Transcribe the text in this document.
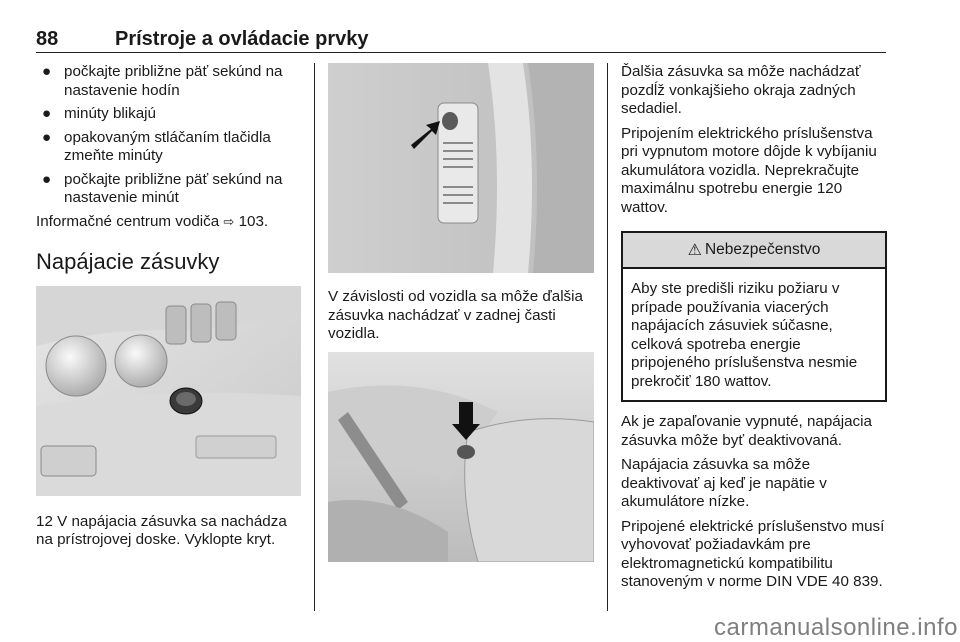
88	Prístroje a ovládacie prvky
● počkajte približne päť sekúnd na nastavenie hodín
● minúty blikajú
● opakovaným stláčaním tlačidla zmeňte minúty
● počkajte približne päť sekúnd na nastavenie minút

Informačné centrum vodiča ⇨ 103.

Napájacie zásuvky

12 V napájacia zásuvka sa nachádza na prístrojovej doske. Vyklopte kryt.

V závislosti od vozidla sa môže ďalšia zásuvka nachádzať v zadnej časti vozidla.

Ďalšia zásuvka sa môže nachádzať pozdĺž vonkajšieho okraja zadných sedadiel.

Pripojením elektrického príslušenstva pri vypnutom motore dôjde k vybíjaniu akumulátora vozidla. Neprekračujte maximálnu spotrebu energie 120 wattov.

⚠ Nebezpečenstvo
Aby ste predišli riziku požiaru v prípade používania viacerých napájacích zásuviek súčasne, celková spotreba energie pripojeného príslušenstva nesmie prekročiť 180 wattov.

Ak je zapaľovanie vypnuté, napájacia zásuvka môže byť deaktivovaná.

Napájacia zásuvka sa môže deaktivovať aj keď je napätie v akumulátore nízke.

Pripojené elektrické príslušenstvo musí vyhovovať požiadavkám pre elektromagnetickú kompatibilitu stanoveným v norme DIN VDE 40 839.

carmanualsonline.info
